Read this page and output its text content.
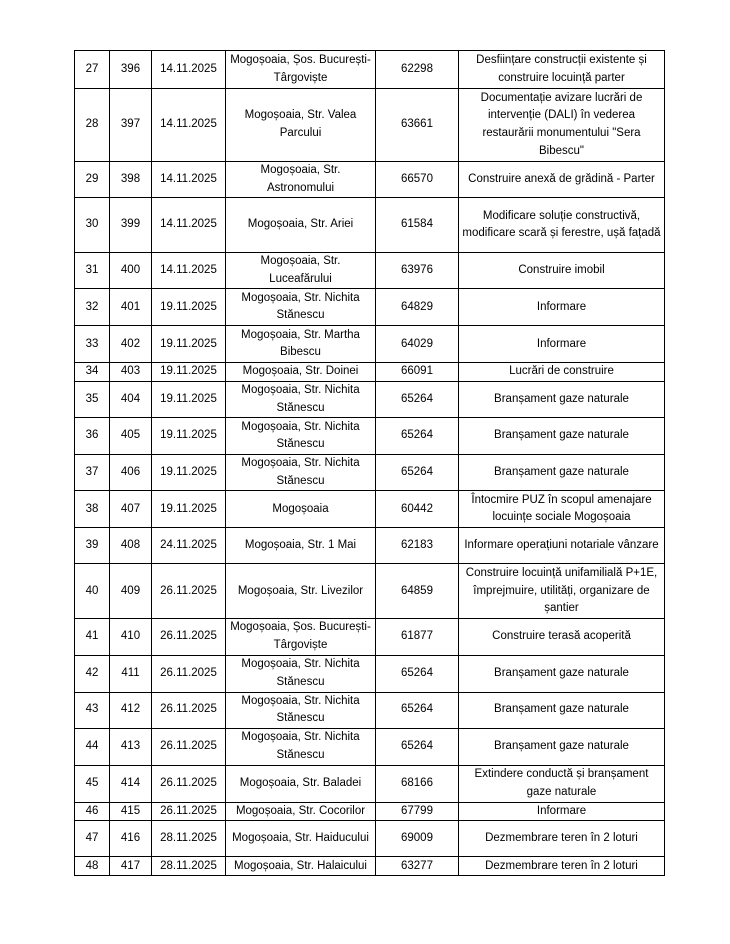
27	396	14.11.2025	Mogoșoaia, Șos. București-Târgoviște	62298	Desființare construcții existente și construire locuință parter
28	397	14.11.2025	Mogoșoaia, Str. Valea Parcului	63661	Documentație avizare lucrări de intervenție (DALI) în vederea restaurării monumentului "Sera Bibescu"
29	398	14.11.2025	Mogoșoaia, Str. Astronomului	66570	Construire anexă de grădină - Parter
30	399	14.11.2025	Mogoșoaia, Str. Ariei	61584	Modificare soluție constructivă, modificare scară și ferestre, ușă fațadă
31	400	14.11.2025	Mogoșoaia, Str. Luceafărului	63976	Construire imobil
32	401	19.11.2025	Mogoșoaia, Str. Nichita Stănescu	64829	Informare
33	402	19.11.2025	Mogoșoaia, Str. Martha Bibescu	64029	Informare
34	403	19.11.2025	Mogoșoaia, Str. Doinei	66091	Lucrări de construire
35	404	19.11.2025	Mogoșoaia, Str. Nichita Stănescu	65264	Branșament gaze naturale
36	405	19.11.2025	Mogoșoaia, Str. Nichita Stănescu	65264	Branșament gaze naturale
37	406	19.11.2025	Mogoșoaia, Str. Nichita Stănescu	65264	Branșament gaze naturale
38	407	19.11.2025	Mogoșoaia	60442	Întocmire PUZ în scopul amenajare locuințe sociale Mogoșoaia
39	408	24.11.2025	Mogoșoaia, Str. 1 Mai	62183	Informare operațiuni notariale vânzare
40	409	26.11.2025	Mogoșoaia, Str. Livezilor	64859	Construire locuință unifamilială P+1E, împrejmuire, utilități, organizare de șantier
41	410	26.11.2025	Mogoșoaia, Șos. București-Târgoviște	61877	Construire terasă acoperită
42	411	26.11.2025	Mogoșoaia, Str. Nichita Stănescu	65264	Branșament gaze naturale
43	412	26.11.2025	Mogoșoaia, Str. Nichita Stănescu	65264	Branșament gaze naturale
44	413	26.11.2025	Mogoșoaia, Str. Nichita Stănescu	65264	Branșament gaze naturale
45	414	26.11.2025	Mogoșoaia, Str. Baladei	68166	Extindere conductă și branșament gaze naturale
46	415	26.11.2025	Mogoșoaia, Str. Cocorilor	67799	Informare
47	416	28.11.2025	Mogoșoaia, Str. Haiducului	69009	Dezmembrare teren în 2 loturi
48	417	28.11.2025	Mogoșoaia, Str. Halaicului	63277	Dezmembrare teren în 2 loturi
